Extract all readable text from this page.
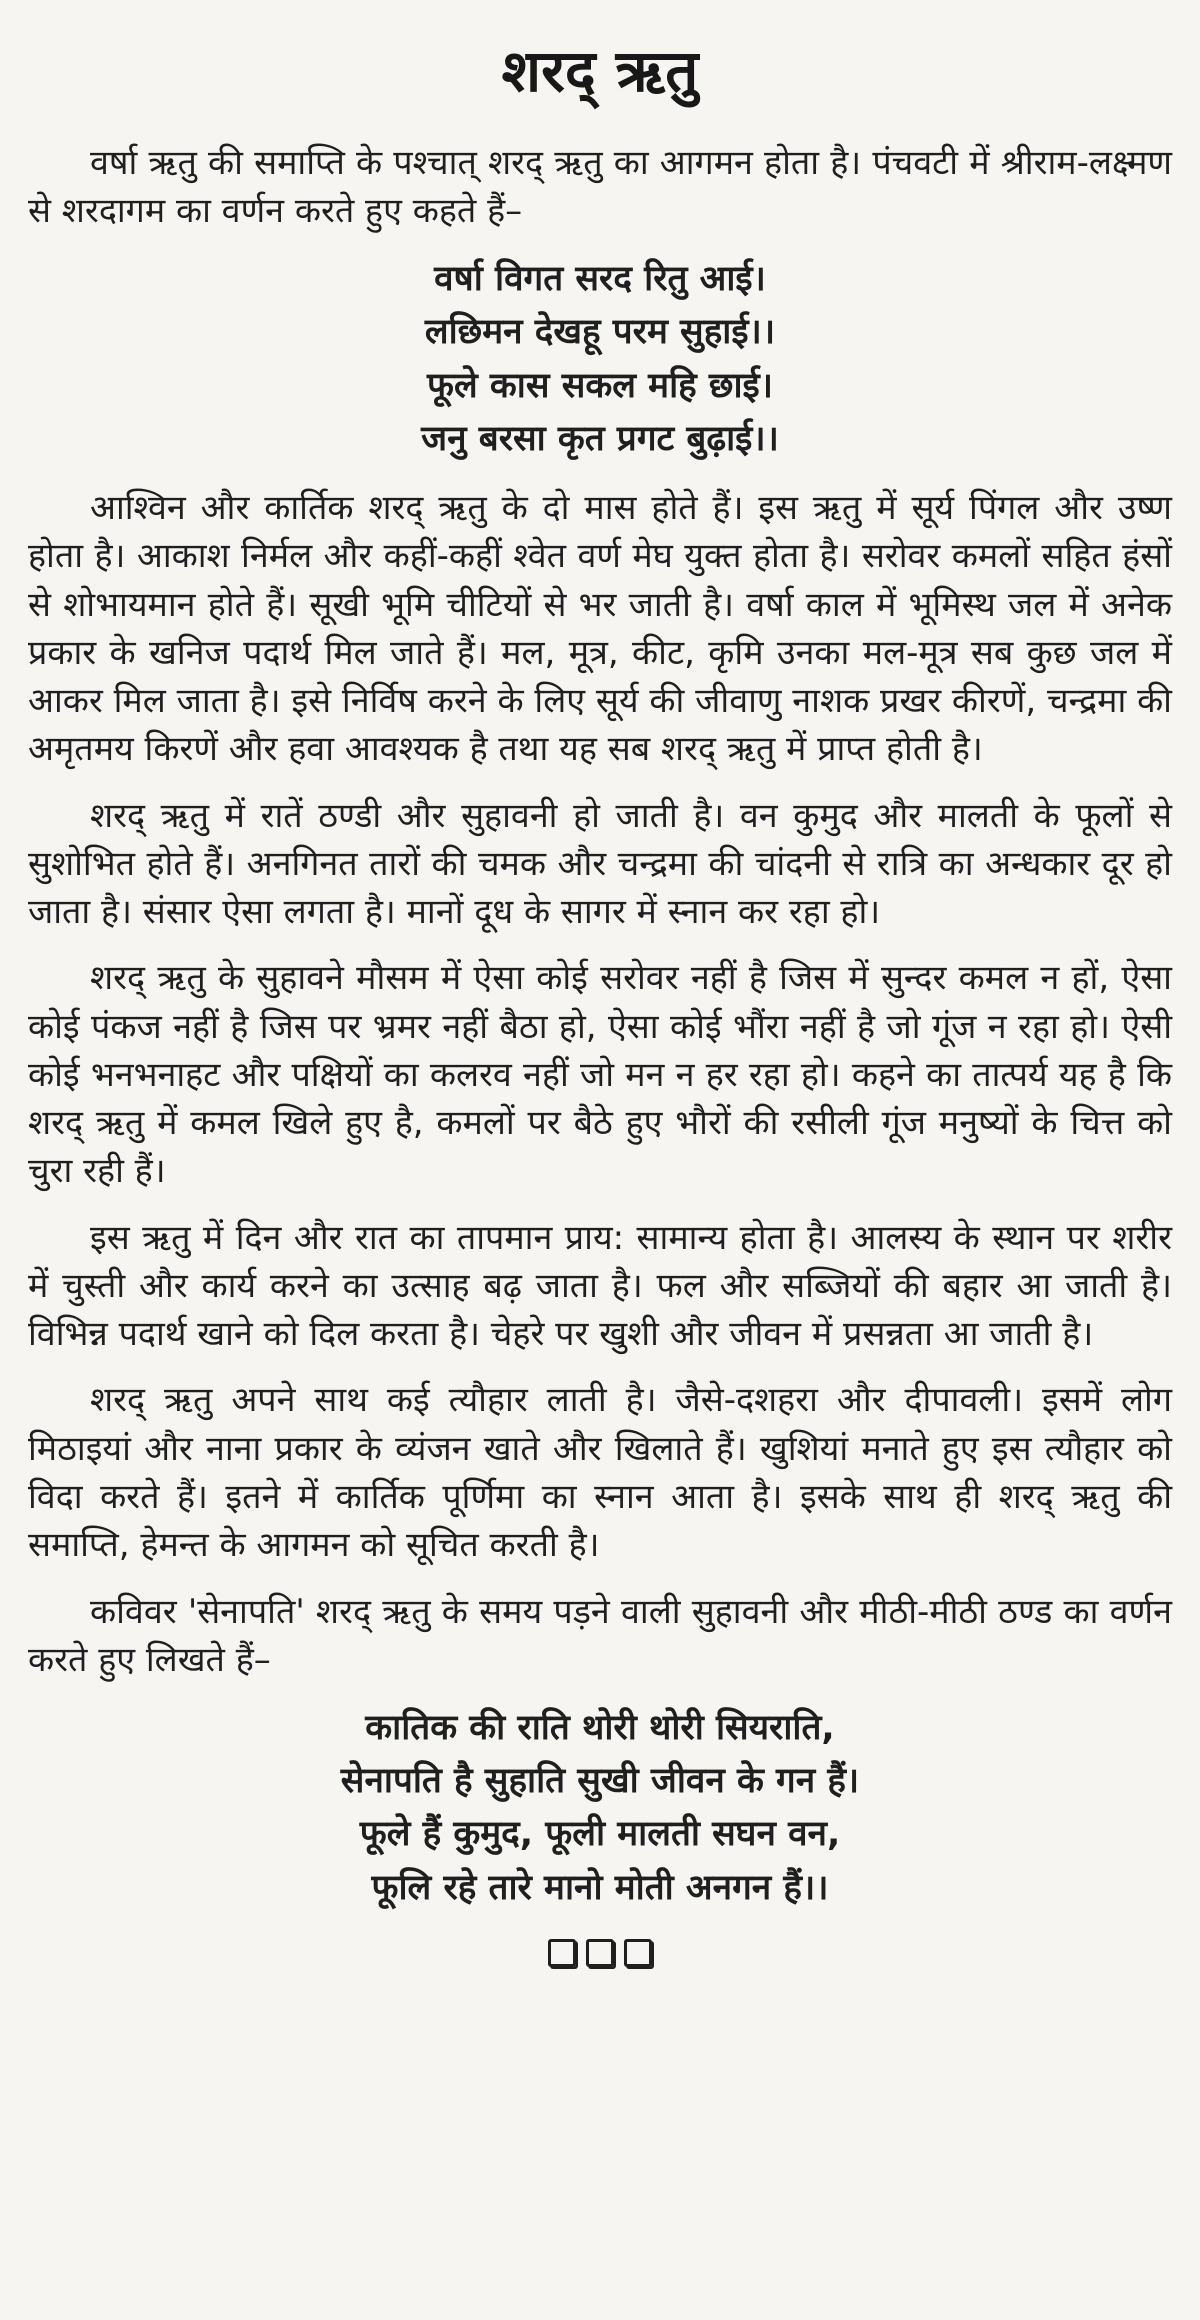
शरद् ऋतु

वर्षा ऋतु की समाप्ति के पश्चात् शरद् ऋतु का आगमन होता है। पंचवटी में श्रीराम-लक्ष्मण से शरदागम का वर्णन करते हुए कहते हैं–

वर्षा विगत सरद रितु आई।
लछिमन देखहू परम सुहाई।।
फूले कास सकल महि छाई।
जनु बरसा कृत प्रगट बुढ़ाई।।

आश्विन और कार्तिक शरद् ऋतु के दो मास होते हैं। इस ऋतु में सूर्य पिंगल और उष्ण होता है। आकाश निर्मल और कहीं-कहीं श्वेत वर्ण मेघ युक्त होता है। सरोवर कमलों सहित हंसों से शोभायमान होते हैं। सूखी भूमि चीटियों से भर जाती है। वर्षा काल में भूमिस्थ जल में अनेक प्रकार के खनिज पदार्थ मिल जाते हैं। मल, मूत्र, कीट, कृमि उनका मल-मूत्र सब कुछ जल में आकर मिल जाता है। इसे निर्विष करने के लिए सूर्य की जीवाणु नाशक प्रखर कीरणें, चन्द्रमा की अमृतमय किरणें और हवा आवश्यक है तथा यह सब शरद् ऋतु में प्राप्त होती है।

शरद् ऋतु में रातें ठण्डी और सुहावनी हो जाती है। वन कुमुद और मालती के फूलों से सुशोभित होते हैं। अनगिनत तारों की चमक और चन्द्रमा की चांदनी से रात्रि का अन्धकार दूर हो जाता है। संसार ऐसा लगता है। मानों दूध के सागर में स्नान कर रहा हो।

शरद् ऋतु के सुहावने मौसम में ऐसा कोई सरोवर नहीं है जिस में सुन्दर कमल न हों, ऐसा कोई पंकज नहीं है जिस पर भ्रमर नहीं बैठा हो, ऐसा कोई भौंरा नहीं है जो गूंज न रहा हो। ऐसी कोई भनभनाहट और पक्षियों का कलरव नहीं जो मन न हर रहा हो। कहने का तात्पर्य यह है कि शरद् ऋतु में कमल खिले हुए है, कमलों पर बैठे हुए भौरों की रसीली गूंज मनुष्यों के चित्त को चुरा रही हैं।

इस ऋतु में दिन और रात का तापमान प्राय: सामान्य होता है। आलस्य के स्थान पर शरीर में चुस्ती और कार्य करने का उत्साह बढ़ जाता है। फल और सब्जियों की बहार आ जाती है। विभिन्न पदार्थ खाने को दिल करता है। चेहरे पर खुशी और जीवन में प्रसन्नता आ जाती है।

शरद् ऋतु अपने साथ कई त्यौहार लाती है। जैसे-दशहरा और दीपावली। इसमें लोग मिठाइयां और नाना प्रकार के व्यंजन खाते और खिलाते हैं। खुशियां मनाते हुए इस त्यौहार को विदा करते हैं। इतने में कार्तिक पूर्णिमा का स्नान आता है। इसके साथ ही शरद् ऋतु की समाप्ति, हेमन्त के आगमन को सूचित करती है।

कविवर 'सेनापति' शरद् ऋतु के समय पड़ने वाली सुहावनी और मीठी-मीठी ठण्ड का वर्णन करते हुए लिखते हैं–

कातिक की राति थोरी थोरी सियराति,
सेनापति है सुहाति सुखी जीवन के गन हैं।
फूले हैं कुमुद, फूली मालती सघन वन,
फूलि रहे तारे मानो मोती अनगन हैं।।
